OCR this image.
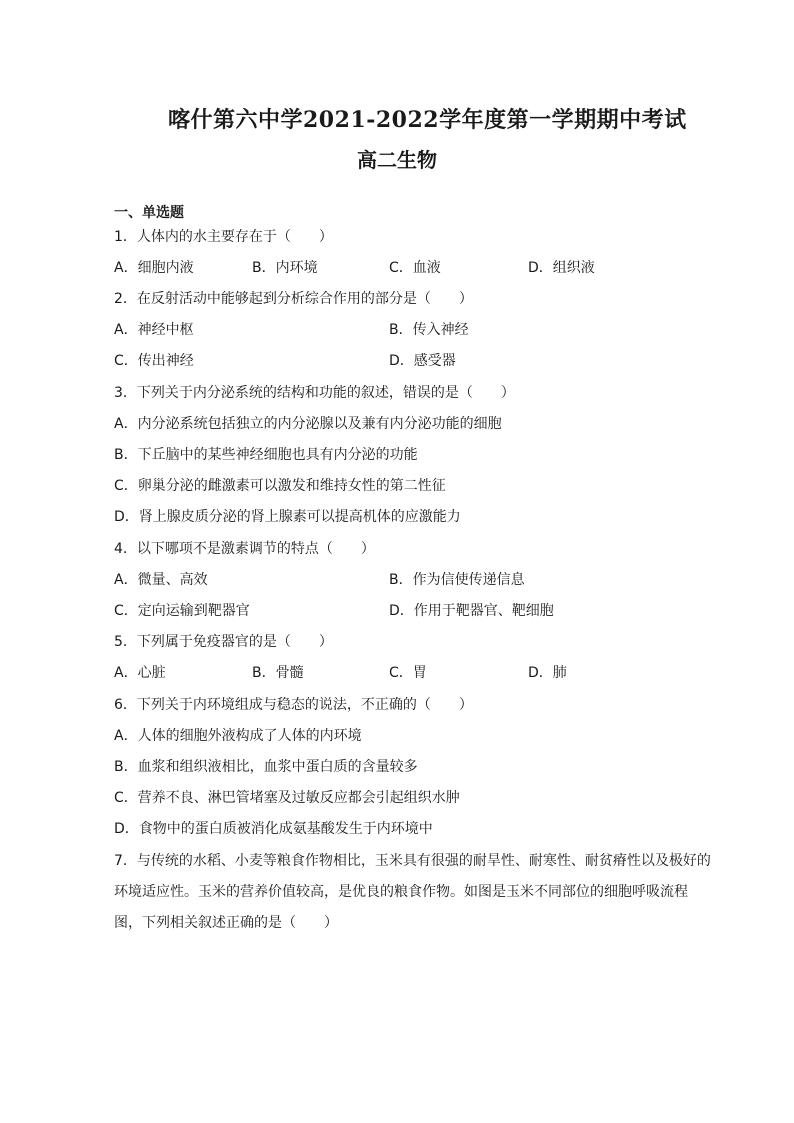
喀什第六中学2021-2022学年度第一学期期中考试
高二生物
一、单选题
1．人体内的水主要存在于（　　）
A．细胞内液	B．内环境	C．血液	D．组织液
2．在反射活动中能够起到分析综合作用的部分是（　　）
A．神经中枢	B．传入神经
C．传出神经	D．感受器
3．下列关于内分泌系统的结构和功能的叙述，错误的是（　　）
A．内分泌系统包括独立的内分泌腺以及兼有内分泌功能的细胞
B．下丘脑中的某些神经细胞也具有内分泌的功能
C．卵巢分泌的雌激素可以激发和维持女性的第二性征
D．肾上腺皮质分泌的肾上腺素可以提高机体的应激能力
4．以下哪项不是激素调节的特点（　　）
A．微量、高效	B．作为信使传递信息
C．定向运输到靶器官	D．作用于靶器官、靶细胞
5．下列属于免疫器官的是（　　）
A．心脏	B．骨髓	C．胃	D．肺
6．下列关于内环境组成与稳态的说法，不正确的（　　）
A．人体的细胞外液构成了人体的内环境
B．血浆和组织液相比，血浆中蛋白质的含量较多
C．营养不良、淋巴管堵塞及过敏反应都会引起组织水肿
D．食物中的蛋白质被消化成氨基酸发生于内环境中
7．与传统的水稻、小麦等粮食作物相比，玉米具有很强的耐旱性、耐寒性、耐贫瘠性以及极好的环境适应性。玉米的营养价值较高，是优良的粮食作物。如图是玉米不同部位的细胞呼吸流程图，下列相关叙述正确的是（　　）
